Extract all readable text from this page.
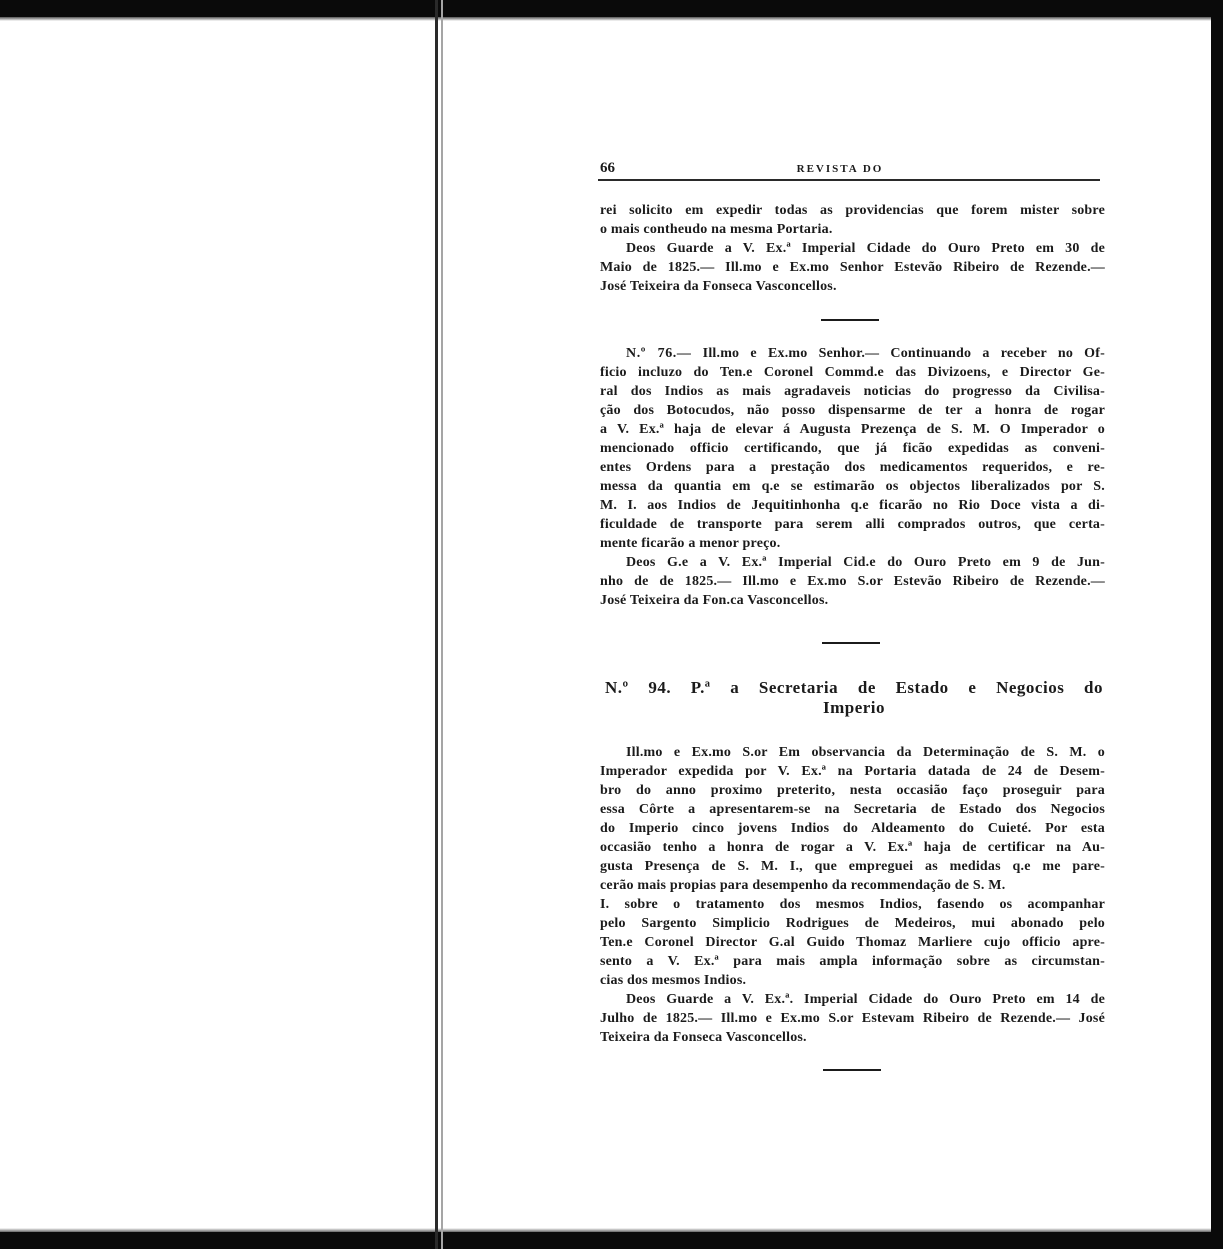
66	REVISTA DO
rei solicito em expedir todas as providencias que forem mister sobre
o mais contheudo na mesma Portaria.
Deos Guarde a V. Ex.ª Imperial Cidade do Ouro Preto em 30 de
Maio de 1825.— Ill.mo e Ex.mo Senhor Estevão Ribeiro de Rezende.—
José Teixeira da Fonseca Vasconcellos.
N.º 76.— Ill.mo e Ex.mo Senhor.— Continuando a receber no Of-
ficio incluzo do Ten.e Coronel Commd.e das Divizoens, e Director Ge-
ral dos Indios as mais agradaveis noticias do progresso da Civilisa-
ção dos Botocudos, não posso dispensarme de ter a honra de rogar
a V. Ex.ª haja de elevar á Augusta Prezença de S. M. O Imperador o
mencionado officio certificando, que já ficão expedidas as conveni-
entes Ordens para a prestação dos medicamentos requeridos, e re-
messa da quantia em q.e se estimarão os objectos liberalizados por S.
M. I. aos Indios de Jequitinhonha q.e ficarão no Rio Doce vista a di-
ficuldade de transporte para serem alli comprados outros, que certa-
mente ficarão a menor preço.
Deos G.e a V. Ex.ª Imperial Cid.e do Ouro Preto em 9 de Jun-
nho de de 1825.— Ill.mo e Ex.mo S.or Estevão Ribeiro de Rezende.—
José Teixeira da Fon.ca Vasconcellos.
N.º 94. P.ª a Secretaria de Estado e Negocios do
Imperio
Ill.mo e Ex.mo S.or Em observancia da Determinação de S. M. o
Imperador expedida por V. Ex.ª na Portaria datada de 24 de Desem-
bro do anno proximo preterito, nesta occasião faço proseguir para
essa Côrte a apresentarem-se na Secretaria de Estado dos Negocios
do Imperio cinco jovens Indios do Aldeamento do Cuieté. Por esta
occasião tenho a honra de rogar a V. Ex.ª haja de certificar na Au-
gusta Presença de S. M. I., que empreguei as medidas q.e me pare-
cerão mais propias para desempenho da recommendação de S. M.
I. sobre o tratamento dos mesmos Indios, fasendo os acompanhar
pelo Sargento Simplicio Rodrigues de Medeiros, mui abonado pelo
Ten.e Coronel Director G.al Guido Thomaz Marliere cujo officio apre-
sento a V. Ex.ª para mais ampla informação sobre as circumstan-
cias dos mesmos Indios.
Deos Guarde a V. Ex.ª. Imperial Cidade do Ouro Preto em 14 de
Julho de 1825.— Ill.mo e Ex.mo S.or Estevam Ribeiro de Rezende.— José
Teixeira da Fonseca Vasconcellos.
